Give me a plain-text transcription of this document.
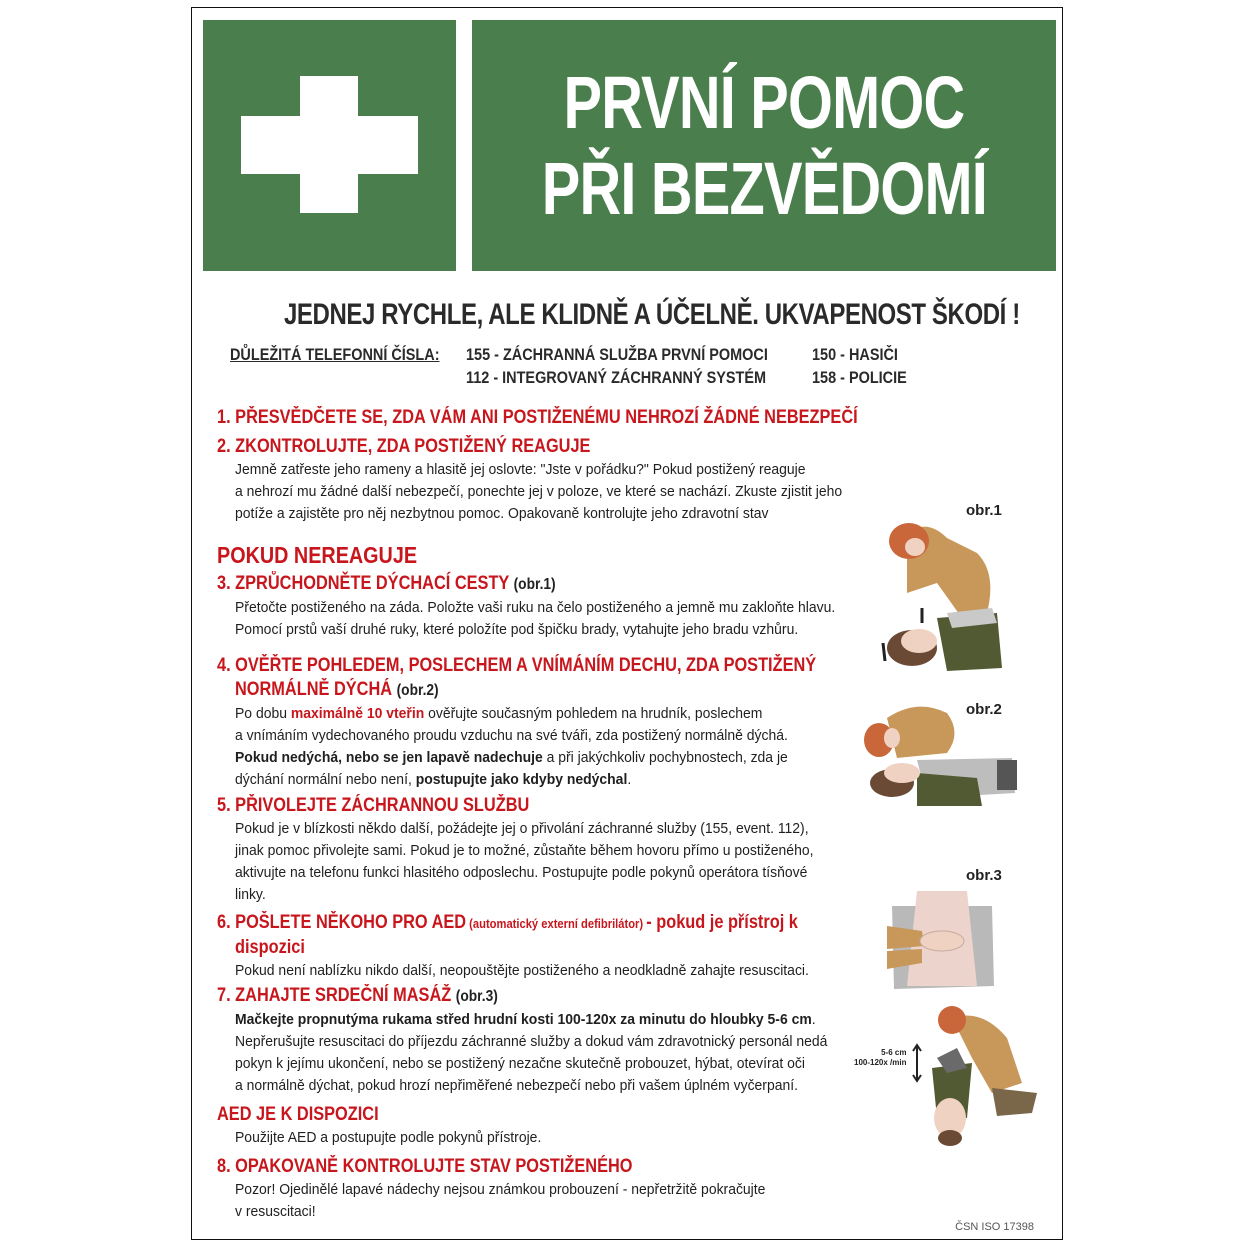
PRVNÍ POMOC
PŘI BEZVĚDOMÍ
JEDNEJ RYCHLE, ALE KLIDNĚ A ÚČELNĚ. UKVAPENOST ŠKODÍ !
DŮLEŽITÁ TELEFONNÍ ČÍSLA: 155 - ZÁCHRANNÁ SLUŽBA PRVNÍ POMOCI
112 - INTEGROVANÝ ZÁCHRANNÝ SYSTÉM
150 - HASIČI
158 - POLICIE
1. PŘESVĚDČETE SE, ZDA VÁM ANI POSTIŽENÉMU NEHROZÍ ŽÁDNÉ NEBEZPEČÍ
2. ZKONTROLUJTE, ZDA POSTIŽENÝ REAGUJE
Jemně zatřeste jeho rameny a hlasitě jej oslovte: "Jste v pořádku?" Pokud postižený reaguje
a nehrozí mu žádné další nebezpečí, ponechte jej v poloze, ve které se nachází. Zkuste zjistit jeho
potíže a zajistěte pro něj nezbytnou pomoc. Opakovaně kontrolujte jeho zdravotní stav
POKUD NEREAGUJE
3. ZPRŮCHODNĚTE DÝCHACÍ CESTY (obr.1)
Přetočte postiženého na záda. Položte vaši ruku na čelo postiženého a jemně mu zakloňte hlavu.
Pomocí prstů vaší druhé ruky, které položíte pod špičku brady, vytahujte jeho bradu vzhůru.
4. OVĚŘTE POHLEDEM, POSLECHEM A VNÍMÁNÍM DECHU, ZDA POSTIŽENÝ
NORMÁLNĚ DÝCHÁ (obr.2)
Po dobu maximálně 10 vteřin ověřujte současným pohledem na hrudník, poslechem
a vnímáním vydechovaného proudu vzduchu na své tváři, zda postižený normálně dýchá.
Pokud nedýchá, nebo se jen lapavě nadechuje a při jakýchkoliv pochybnostech, zda je
dýchání normální nebo není, postupujte jako kdyby nedýchal.
5. PŘIVOLEJTE ZÁCHRANNOU SLUŽBU
Pokud je v blízkosti někdo další, požádejte jej o přivolání záchranné služby (155, event. 112),
jinak pomoc přivolejte sami. Pokud je to možné, zůstaňte během hovoru přímo u postiženého,
aktivujte na telefonu funkci hlasitého odposlechu. Postupujte podle pokynů operátora tísňové
linky.
6. POŠLETE NĚKOHO PRO AED (automatický externí defibrilátor) - pokud je přístroj k
dispozici
Pokud není nablízku nikdo další, neopouštějte postiženého a neodkladně zahajte resuscitaci.
7. ZAHAJTE SRDEČNÍ MASÁŽ (obr.3)
Mačkejte propnutýma rukama střed hrudní kosti 100-120x za minutu do hloubky 5-6 cm.
Nepřerušujte resuscitaci do příjezdu záchranné služby a dokud vám zdravotnický personál nedá
pokyn k jejímu ukončení, nebo se postižený nezačne skutečně probouzet, hýbat, otevírat oči
a normálně dýchat, pokud hrozí nepřiměřené nebezpečí nebo při vašem úplném vyčerpaní.
AED JE K DISPOZICI
Použijte AED a postupujte podle pokynů přístroje.
8. OPAKOVANĚ KONTROLUJTE STAV POSTIŽENÉHO
Pozor! Ojedinělé lapavé nádechy nejsou známkou probouzení - nepřetržitě pokračujte
v resuscitaci!
obr.1
obr.2
obr.3
5-6 cm
100-120x /min
ČSN ISO 17398
